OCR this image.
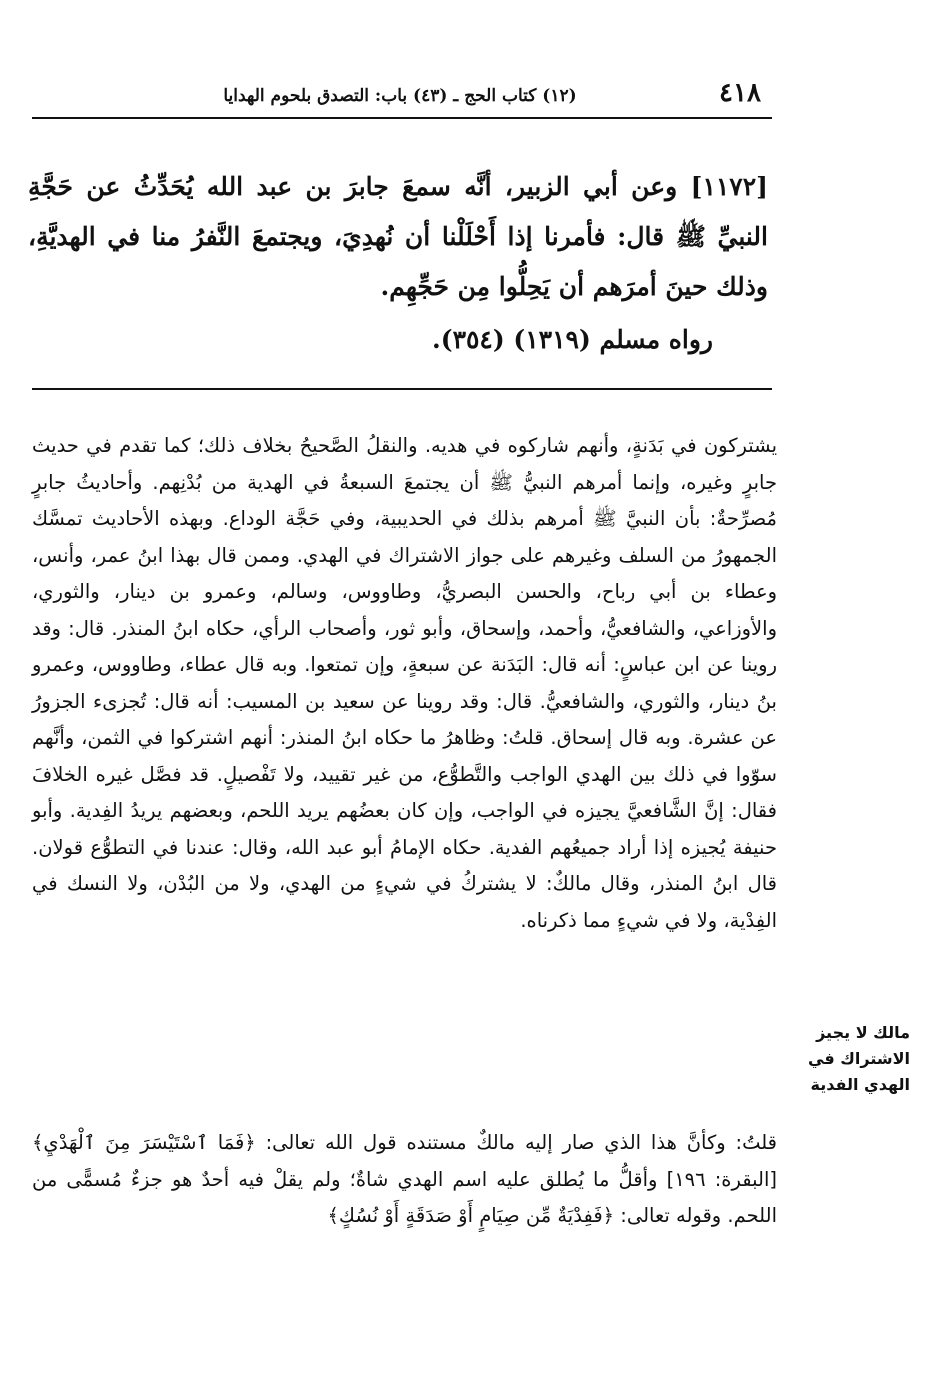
٤١٨
(١٢) كتاب الحج ـ (٤٣) باب: التصدق بلحوم الهدايا
[١١٧٢] وعن أبي الزبير، أنَّه سمعَ جابرَ بن عبد الله يُحَدِّثُ عن حَجَّةِ النبيِّ ﷺ قال: فأمرنا إذا أَحْلَلْنا أن نُهدِيَ، ويجتمعَ النَّفرُ منا في الهديَّةِ، وذلك حينَ أمرَهم أن يَحِلُّوا مِن حَجِّهِم.
رواه مسلم (١٣١٩) (٣٥٤).
يشتركون في بَدَنةٍ، وأنهم شاركوه في هديه. والنقلُ الصَّحيحُ بخلاف ذلك؛ كما تقدم في حديث جابرٍ وغيره، وإنما أمرهم النبيُّ ﷺ أن يجتمعَ السبعةُ في الهدية من بُدْنِهم. وأحاديثُ جابرٍ مُصرِّحةٌ: بأن النبيَّ ﷺ أمرهم بذلك في الحديبية، وفي حَجَّة الوداع. وبهذه الأحاديث تمسَّك الجمهورُ من السلف وغيرهم على جواز الاشتراك في الهدي. وممن قال بهذا ابنُ عمر، وأنس، وعطاء بن أبي رباح، والحسن البصريُّ، وطاووس، وسالم، وعمرو بن دينار، والثوري، والأوزاعي، والشافعيُّ، وأحمد، وإسحاق، وأبو ثور، وأصحاب الرأي، حكاه ابنُ المنذر. قال: وقد روينا عن ابن عباسٍ: أنه قال: البَدَنة عن سبعةٍ، وإن تمتعوا. وبه قال عطاء، وطاووس، وعمرو بنُ دينار، والثوري، والشافعيُّ. قال: وقد روينا عن سعيد بن المسيب: أنه قال: تُجزىء الجزورُ عن عشرة. وبه قال إسحاق. قلتُ: وظاهرُ ما حكاه ابنُ المنذر: أنهم اشتركوا في الثمن، وأنَّهم سوّوا في ذلك بين الهدي الواجب والتَّطوُّع، من غير تقييد، ولا تَفْصيلٍ. قد فصَّل غيره الخلافَ فقال: إنَّ الشَّافعيَّ يجيزه في الواجب، وإن كان بعضُهم يريد اللحم، وبعضهم يريدُ الفِدية. وأبو حنيفة يُجيزه إذا أراد جميعُهم الفدية. حكاه الإمامُ أبو عبد الله، وقال: عندنا في التطوُّع قولان. قال ابنُ المنذر، وقال مالكٌ: لا يشتركُ في شيءٍ من الهدي، ولا من البُدْن، ولا النسك في الفِدْية، ولا في شيءٍ مما ذكرناه.
مالك لا يجيز الاشتراك في الهدي الفدية
قلتُ: وكأنَّ هذا الذي صار إليه مالكٌ مستنده قول الله تعالى: ﴿فَمَا ٱسْتَيْسَرَ مِنَ ٱلْهَدْيِ﴾ [البقرة: ١٩٦] وأقلُّ ما يُطلق عليه اسم الهدي شاةٌ؛ ولم يقلْ فيه أحدٌ هو جزءٌ مُسمًّى من اللحم. وقوله تعالى: ﴿فَفِدْيَةٌ مِّن صِيَامٍ أَوْ صَدَقَةٍ أَوْ نُسُكٍ﴾
